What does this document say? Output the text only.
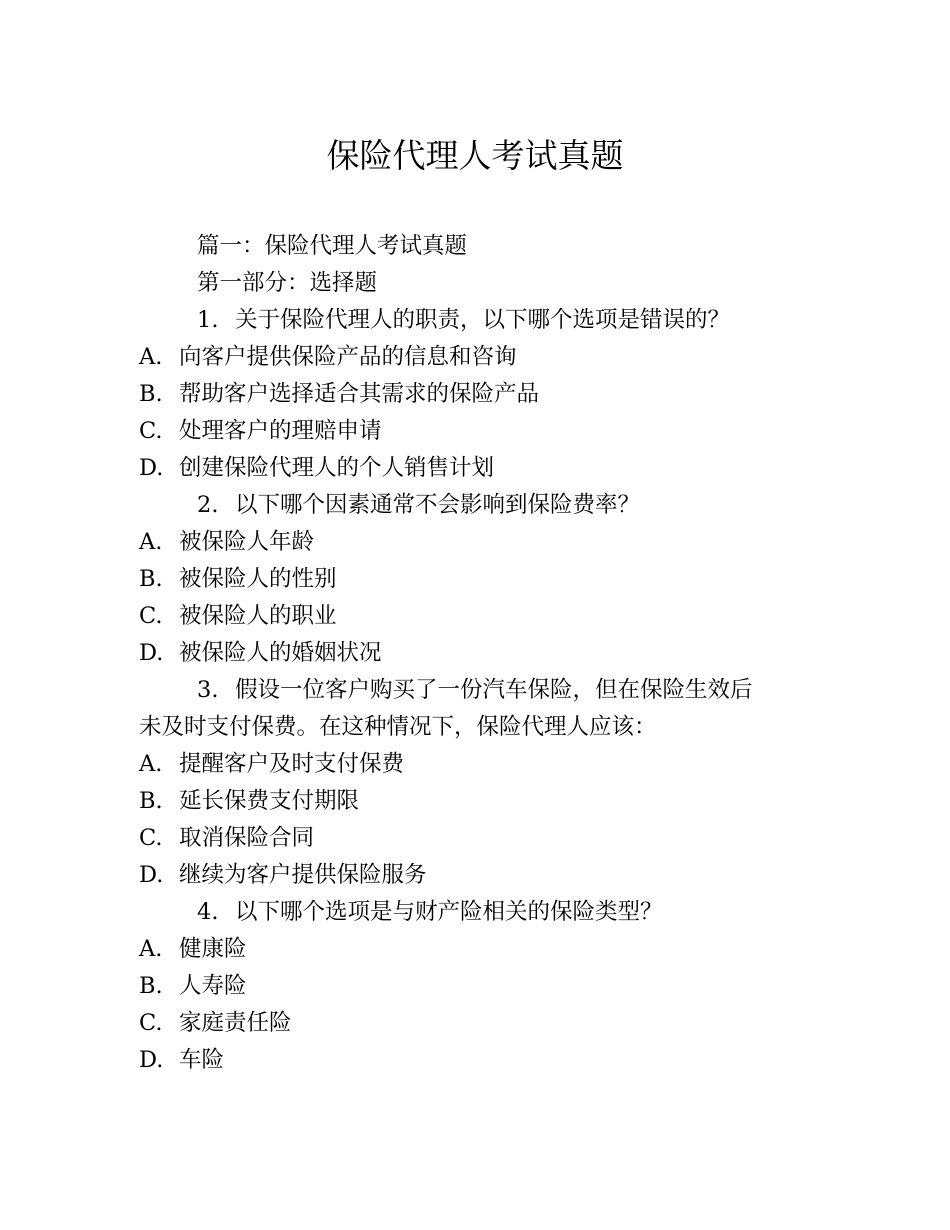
保险代理人考试真题
篇一：保险代理人考试真题
第一部分：选择题
1. 关于保险代理人的职责，以下哪个选项是错误的？
A. 向客户提供保险产品的信息和咨询
B. 帮助客户选择适合其需求的保险产品
C. 处理客户的理赔申请
D. 创建保险代理人的个人销售计划
2. 以下哪个因素通常不会影响到保险费率？
A. 被保险人年龄
B. 被保险人的性别
C. 被保险人的职业
D. 被保险人的婚姻状况
3. 假设一位客户购买了一份汽车保险，但在保险生效后
未及时支付保费。在这种情况下，保险代理人应该：
A. 提醒客户及时支付保费
B. 延长保费支付期限
C. 取消保险合同
D. 继续为客户提供保险服务
4. 以下哪个选项是与财产险相关的保险类型？
A. 健康险
B. 人寿险
C. 家庭责任险
D. 车险
